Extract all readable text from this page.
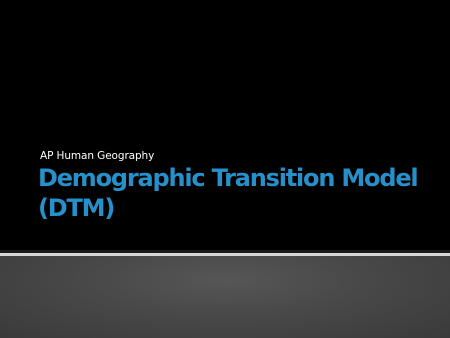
AP Human Geography
Demographic Transition Model (DTM)
